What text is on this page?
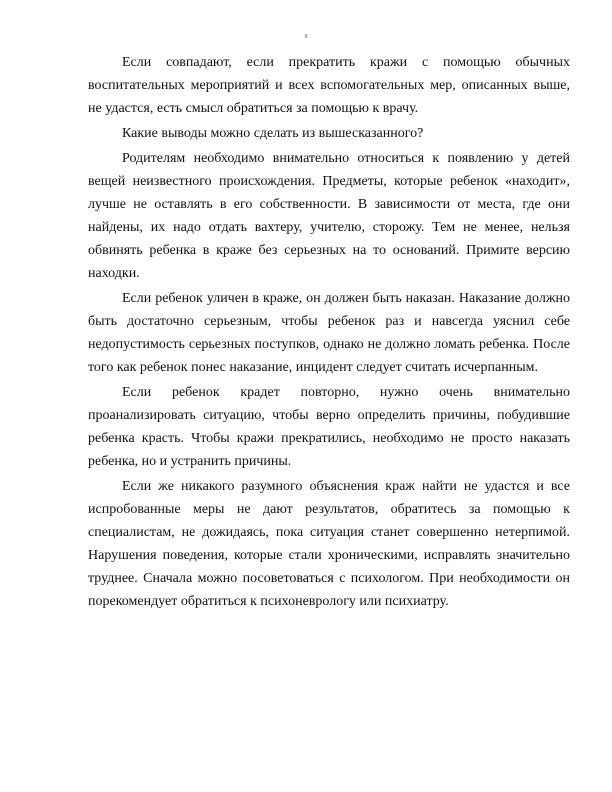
8

Если совпадают, если прекратить кражи с помощью обычных воспитательных мероприятий и всех вспомогательных мер, описанных выше, не удастся, есть смысл обратиться за помощью к врачу.

Какие выводы можно сделать из вышесказанного?

Родителям необходимо внимательно относиться к появлению у детей вещей неизвестного происхождения. Предметы, которые ребенок «находит», лучше не оставлять в его собственности. В зависимости от места, где они найдены, их надо отдать вахтеру, учителю, сторожу. Тем не менее, нельзя обвинять ребенка в краже без серьезных на то оснований. Примите версию находки.

Если ребенок уличен в краже, он должен быть наказан. Наказание должно быть достаточно серьезным, чтобы ребенок раз и навсегда уяснил себе недопустимость серьезных поступков, однако не должно ломать ребенка. После того как ребенок понес наказание, инцидент следует считать исчерпанным.

Если ребенок крадет повторно, нужно очень внимательно проанализировать ситуацию, чтобы верно определить причины, побудившие ребенка красть. Чтобы кражи прекратились, необходимо не просто наказать ребенка, но и устранить причины.

Если же никакого разумного объяснения краж найти не удастся и все испробованные меры не дают результатов, обратитесь за помощью к специалистам, не дожидаясь, пока ситуация станет совершенно нетерпимой. Нарушения поведения, которые стали хроническими, исправлять значительно труднее. Сначала можно посоветоваться с психологом. При необходимости он порекомендует обратиться к психоневрологу или психиатру.
